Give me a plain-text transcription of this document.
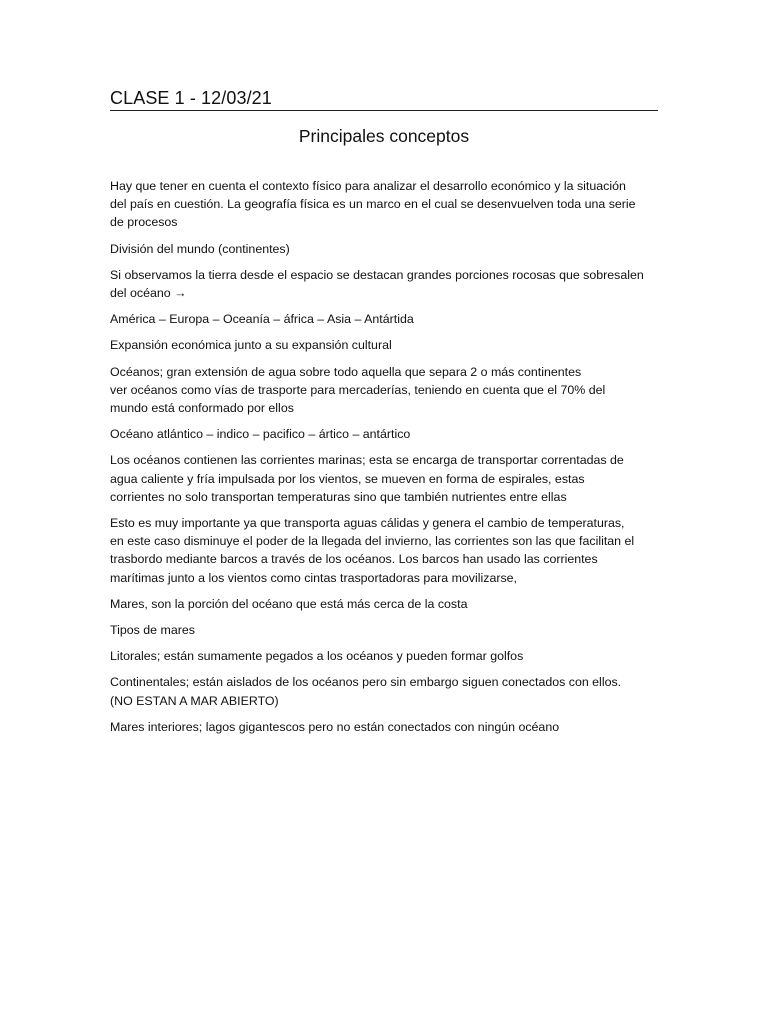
CLASE 1 - 12/03/21
Principales conceptos
Hay que tener en cuenta el contexto físico para analizar el desarrollo económico y la situación
del país en cuestión. La geografía física es un marco en el cual se desenvuelven toda una serie
de procesos
División del mundo (continentes)
Si observamos la tierra desde el espacio se destacan grandes porciones rocosas que sobresalen
del océano →
América – Europa – Oceanía – áfrica – Asia – Antártida
Expansión económica junto a su expansión cultural
Océanos; gran extensión de agua sobre todo aquella que separa 2 o más continentes
ver océanos como vías de trasporte para mercaderías, teniendo en cuenta que el 70% del
mundo está conformado por ellos
Océano atlántico – indico – pacifico – ártico – antártico
Los océanos contienen las corrientes marinas; esta se encarga de transportar correntadas de
agua caliente y fría impulsada por los vientos, se mueven en forma de espirales, estas
corrientes no solo transportan temperaturas sino que también nutrientes entre ellas
Esto es muy importante ya que transporta aguas cálidas y genera el cambio de temperaturas,
en este caso disminuye el poder de la llegada del invierno, las corrientes son las que facilitan el
trasbordo mediante barcos a través de los océanos. Los barcos han usado las corrientes
marítimas junto a los vientos como cintas trasportadoras para movilizarse,
Mares, son la porción del océano que está más cerca de la costa
Tipos de mares
Litorales; están sumamente pegados a los océanos y pueden formar golfos
Continentales; están aislados de los océanos pero sin embargo siguen conectados con ellos.
(NO ESTAN A MAR ABIERTO)
Mares interiores; lagos gigantescos pero no están conectados con ningún océano
